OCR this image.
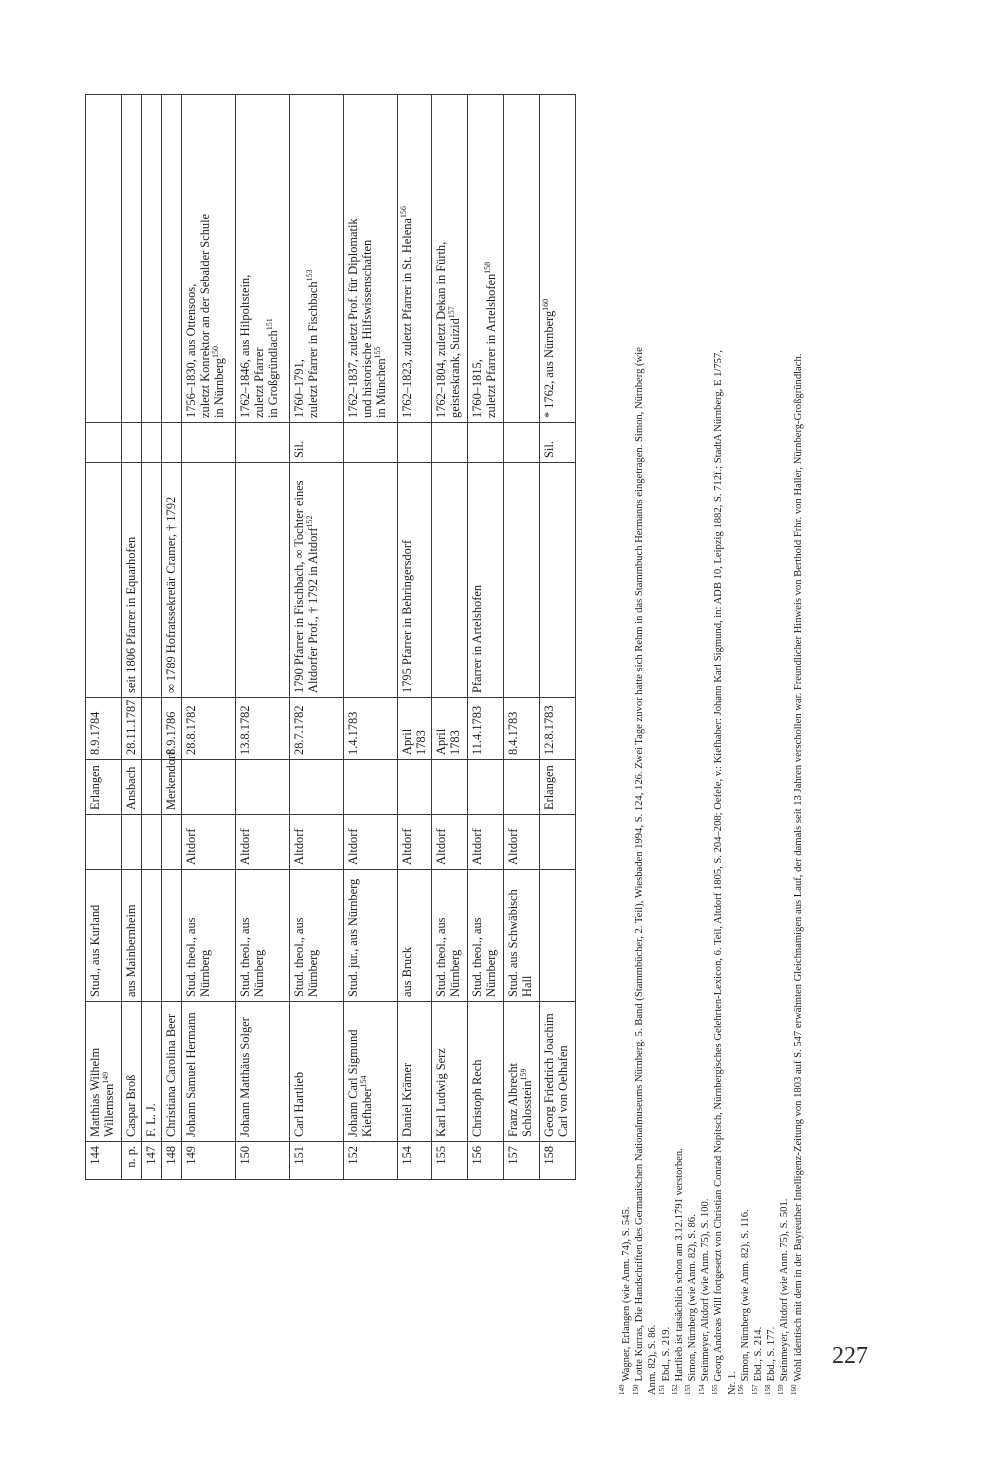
144	Matthias Wilhelm Willemsen$^{149}$	Stud., aus Kurland		Erlangen	8.9.1784	

n. p.	Caspar Broß	aus Mainbernheim		Ansbach	28.11.1787	seit 1806 Pfarrer in Equarhofen		

147	F. L. J.							

148	Christiana Carolina Beer			Merkendorf	8.9.1786	∞ 1789 Hofratssekretär Cramer, † 1792		

149	Johann Samuel Hermann	Stud. theol., aus Nürnberg	Altdorf		28.8.1782			1756–1830, aus Ottensoos, zuletzt Konrektor an der Sebalder Schule in Nürnberg$^{150}$

150	Johann Matthäus Solger	Stud. theol., aus Nürnberg	Altdorf		13.8.1782			1762–1846, aus Hilpoltstein, zuletzt Pfarrer in Großgründlach$^{151}$

151	Carl Hartlieb	Stud. theol., aus Nürnberg	Altdorf		28.7.1782	1790 Pfarrer in Fischbach, ∞ Tochter eines Altdorfer Prof., † 1792 in Altdorf$^{152}$	Sil.	1760–1791, zuletzt Pfarrer in Fischbach$^{153}$

152	Johann Carl Sigmund Kiefhaber$^{154}$	Stud. jur., aus Nürnberg	Altdorf		1.4.1783			1762–1837, zuletzt Prof. für Diplomatik und historische Hilfswissenschaften in München$^{155}$

154	Daniel Krämer	aus Bruck	Altdorf		April 1783	1795 Pfarrer in Behringersdorf		1762–1823, zuletzt Pfarrer in St. Helena$^{156}$

155	Karl Ludwig Serz	Stud. theol., aus Nürnberg	Altdorf		April 1783			1762–1804, zuletzt Dekan in Fürth, geisteskrank, Suizid$^{157}$

156	Christoph Rech	Stud. theol., aus Nürnberg	Altdorf		11.4.1783	Pfarrer in Artelshofen		1760–1815, zuletzt Pfarrer in Artelshofen$^{158}$

157	Franz Albrecht Schlosstein$^{159}$	Stud. aus Schwäbisch Hall	Altdorf		8.4.1783	

158	Georg Friedrich Joachim Carl von Oelhafen			Erlangen	12.8.1783		Sil.	* 1762, aus Nürnberg$^{160}$

$^{149}$Wagner, Erlangen (wie Anm. 74), S. 545.

$^{150}$Lotte Kurras, Die Handschriften des Germanischen Nationalmuseums Nürnberg. 5. Band (Stammbücher, 2. Teil), Wiesbaden 1994, S. 124, 126. Zwei Tage zuvor hatte sich Rehm in das Stammbuch Hermanns eingetragen. Simon, Nürnberg (wie Anm. 82), S. 86. $^{151}$Ebd., S. 219.

$^{152}$Hartlieb ist tatsächlich schon am 3.12.1791 verstorben.

$^{153}$Simon, Nürnberg (wie Anm. 82), S. 86.

$^{154}$Steinmeyer, Altdorf (wie Anm. 75), S. 100.

$^{155}$Georg Andreas Will fortgesetzt von Christian Conrad Nopitsch, Nürnbergisches Gelehrten-Lexicon, 6. Teil, Altdorf 1805, S. 204–208; Oefele, v.: Kiefhaber: Johann Karl Sigmund, in: ADB 10, Leipzig 1882, S. 712f.; StadtA Nürnberg, E 1/757, Nr. 1. $^{156}$Simon, Nürnberg (wie Anm. 82), S. 116.

$^{157}$Ebd., S. 214.

$^{158}$Ebd., S. 177.

$^{159}$Steinmeyer, Altdorf (wie Anm. 75), S. 501.

$^{160}$Wohl identisch mit dem in der Bayreuther Intelligenz-Zeitung von 1803 auf S. 547 erwähnten Gleichnamigen aus Lauf, der damals seit 13 Jahren verschollen war. Freundlicher Hinweis von Berthold Frhr. von Haller, Nürnberg-Großgründlach. 227
